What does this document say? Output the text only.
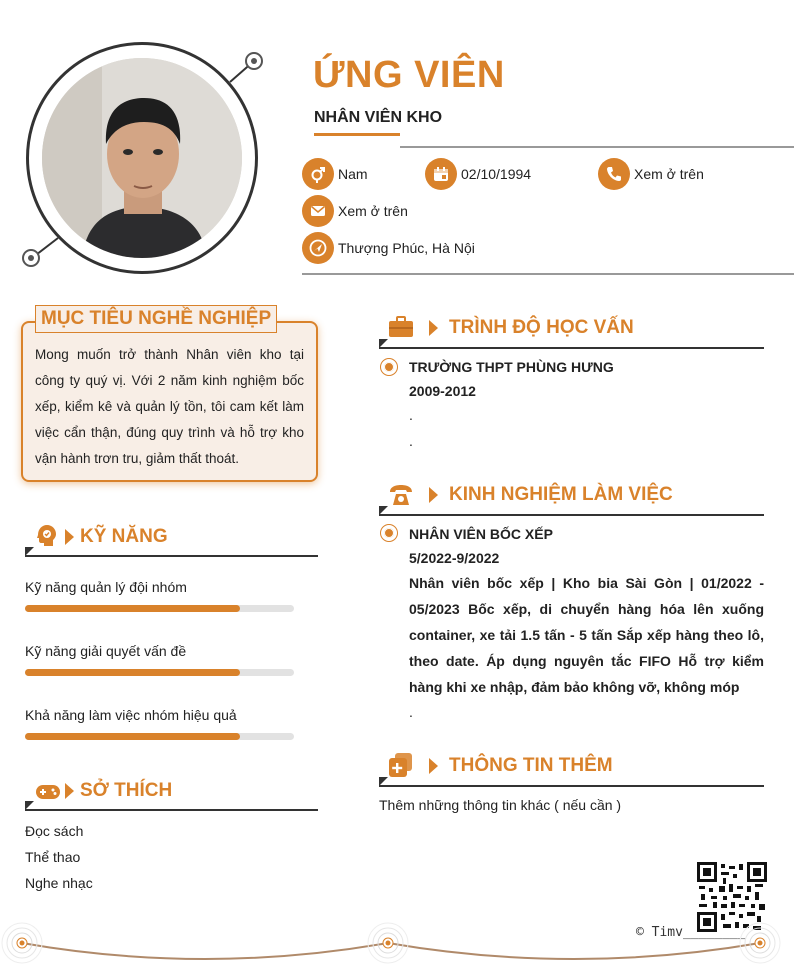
ỨNG VIÊN
NHÂN VIÊN KHO
Nam	02/10/1994	Xem ở trên
Xem ở trên
Thượng Phúc, Hà Nội
MỤC TIÊU NGHỀ NGHIỆP
Mong muốn trở thành Nhân viên kho tại công ty quý vị. Với 2 năm kinh nghiệm bốc xếp, kiểm kê và quản lý tồn, tôi cam kết làm việc cẩn thận, đúng quy trình và hỗ trợ kho vận hành trơn tru, giảm thất thoát.
KỸ NĂNG
Kỹ năng quản lý đội nhóm
Kỹ năng giải quyết vấn đề
Khả năng làm việc nhóm hiệu quả
SỞ THÍCH
Đọc sách
Thể thao
Nghe nhạc
TRÌNH ĐỘ HỌC VẤN
TRƯỜNG THPT PHÙNG HƯNG
2009-2012
.
.
KINH NGHIỆM LÀM VIỆC
NHÂN VIÊN BỐC XẾP
5/2022-9/2022
Nhân viên bốc xếp | Kho bia Sài Gòn | 01/2022 - 05/2023 Bốc xếp, di chuyển hàng hóa lên xuống container, xe tải 1.5 tấn - 5 tấn Sắp xếp hàng theo lô, theo date. Áp dụng nguyên tắc FIFO Hỗ trợ kiểm hàng khi xe nhập, đảm bảo không vỡ, không móp
.
THÔNG TIN THÊM
Thêm những thông tin khác ( nếu cần )
© Timv________
